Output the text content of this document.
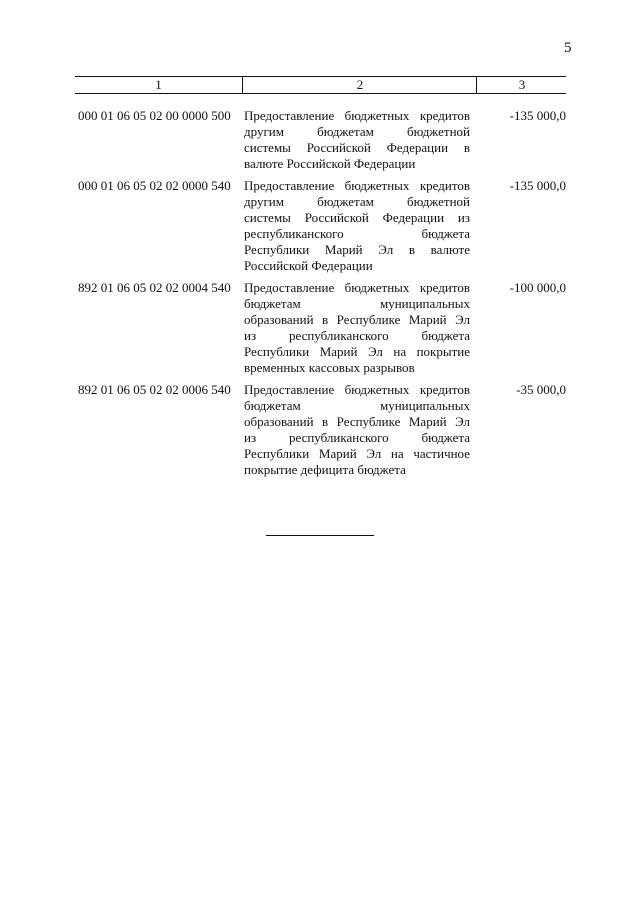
5
1	2	3
000 01 06 05 02 00 0000 500	Предоставление бюджетных кредитов
другим бюджетам бюджетной
системы Российской Федерации в
валюте Российской Федерации
-135 000,0
000 01 06 05 02 02 0000 540	Предоставление бюджетных кредитов
другим бюджетам бюджетной
системы Российской Федерации из
республиканского бюджета
Республики Марий Эл в валюте
Российской Федерации
-135 000,0
892 01 06 05 02 02 0004 540	Предоставление бюджетных кредитов
бюджетам муниципальных
образований в Республике Марий Эл
из республиканского бюджета
Республики Марий Эл на покрытие
временных кассовых разрывов
-100 000,0
892 01 06 05 02 02 0006 540	Предоставление бюджетных кредитов
бюджетам муниципальных
образований в Республике Марий Эл
из республиканского бюджета
Республики Марий Эл на частичное
покрытие дефицита бюджета
-35 000,0
